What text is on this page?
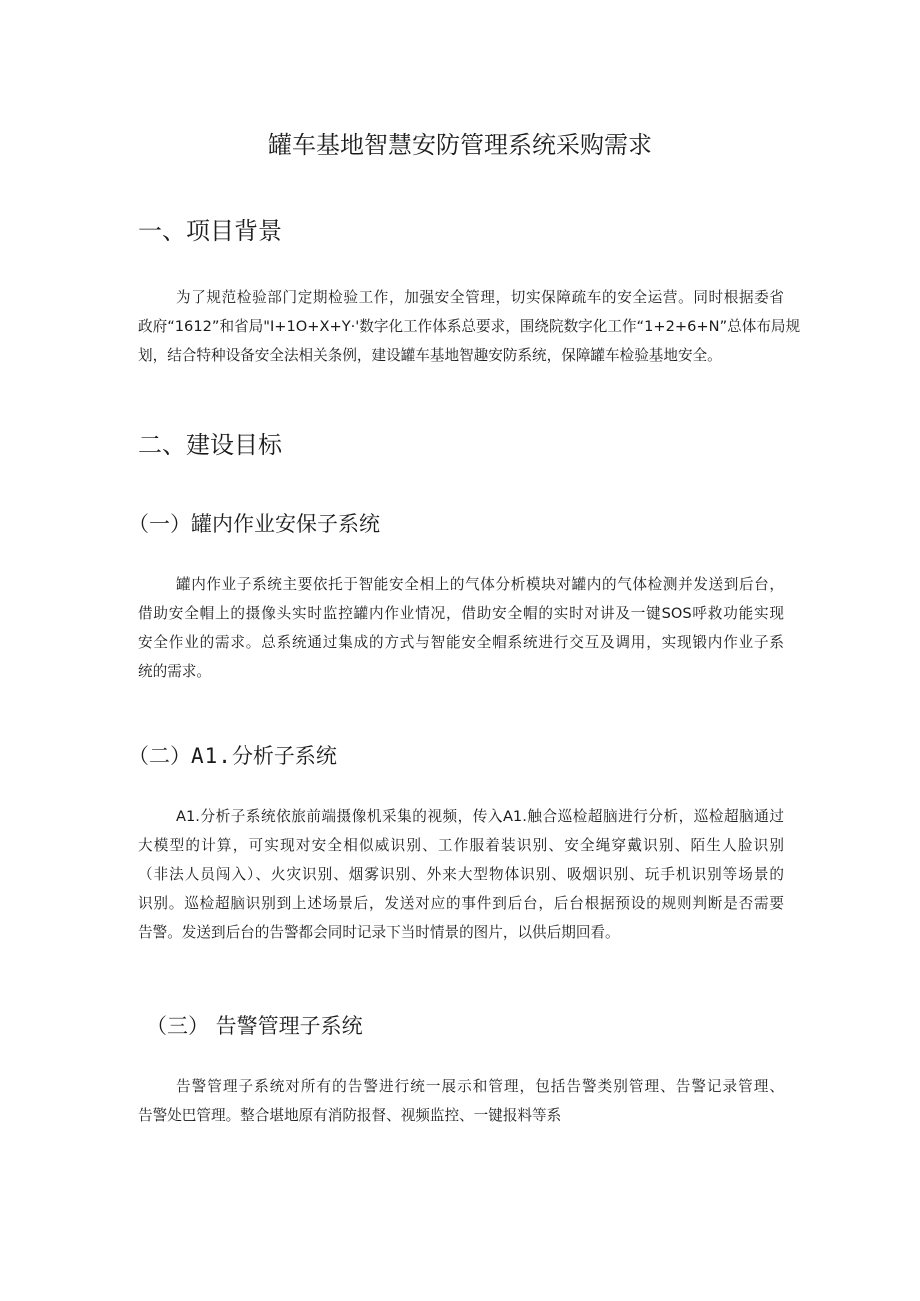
罐车基地智慧安防管理系统采购需求
一、项目背景
为了规范检验部门定期检验工作，加强安全管理，切实保障疏车的安全运营。同时根据委省
政府“1612”和省局"I+1O+X+Y·'数字化工作体系总要求，围绕院数字化工作“1+2+6+N”总体布局规
划，结合特种设备安全法相关条例，建设罐车基地智趣安防系统，保障罐车检验基地安全。
二、建设目标
（一）罐内作业安保子系统
罐内作业子系统主要依托于智能安全相上的气体分析模块对罐内的气体检测并发送到后台，
借助安全帽上的摄像头实时监控罐内作业情况，借助安全帽的实时对讲及一键SOS呼救功能实现
安全作业的需求。总系统通过集成的方式与智能安全帽系统进行交互及调用，实现锻内作业子系
统的需求。
（二）A1.分析子系统
A1.分析子系统依旅前端摄像机采集的视频，传入A1.触合巡检超脑进行分析，巡检超脑通过
大模型的计算，可实现对安全相似威识别、工作服着装识别、安全绳穿戴识别、陌生人脸识别
（非法人员闯入）、火灾识别、烟雾识别、外来大型物体识别、吸烟识别、玩手机识别等场景的
识别。巡检超脑识别到上述场景后，发送对应的事件到后台，后台根据预设的规则判断是否需要
告警。发送到后台的告警都会同时记录下当时情景的图片，以供后期回看。
（三） 告警管理子系统
告警管理子系统对所有的告警进行统一展示和管理，包括告警类别管理、告警记录管理、
告警处巴管理。整合堪地原有消防报督、视频监控、一键报料等系
